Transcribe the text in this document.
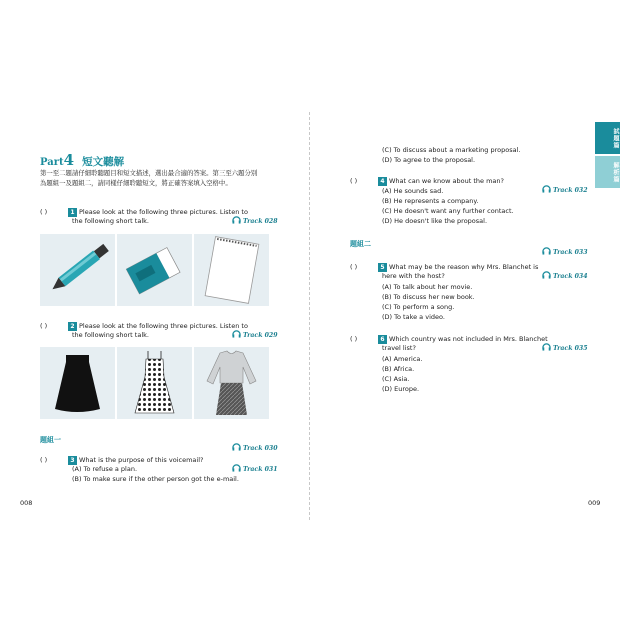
Part4 短文聽解
第一至二題請仔細聆聽題目和短文描述，選出最合適的答案。第三至六題分別
為題組一及題組二，請同樣仔細聆聽短文，將正確答案填入空格中。
( )	1 Please look at the following three pictures. Listen to
the following short talk.	Track 028
( )	2 Please look at the following three pictures. Listen to
the following short talk.	Track 029
題組一
Track 030
( )	3 What is the purpose of this voicemail?
Track 031
(A) To refuse a plan.
(B) To make sure if the other person got the e-mail.
008
(C) To discuss about a marketing proposal.
(D) To agree to the proposal.
( )	4 What can we know about the man?
Track 032
(A) He sounds sad.
(B) He represents a company.
(C) He doesn't want any further contact.
(D) He doesn't like the proposal.
題組二
Track 033
( )	5 What may be the reason why Mrs. Blanchet is
here with the host?	Track 034
(A) To talk about her movie.
(B) To discuss her new book.
(C) To perform a song.
(D) To take a video.
( )	6 Which country was not included in Mrs. Blanchet
travel list?	Track 035
(A) America.
(B) Africa.
(C) Asia.
(D) Europe.
009
試題篇
解析篇
